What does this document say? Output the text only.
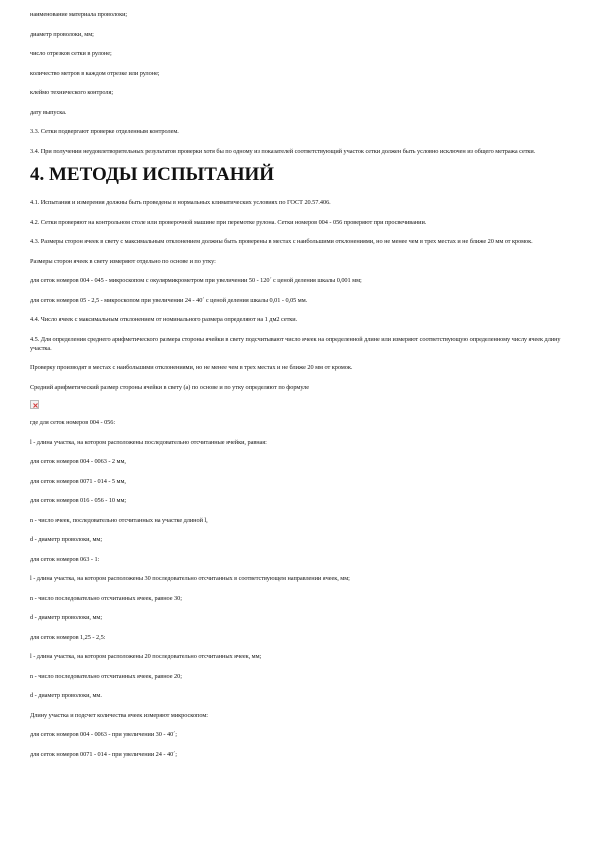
наименование материала проволоки;

диаметр проволоки, мм;

число отрезков сетки в рулоне;

количество метров в каждом отрезке или рулоне;

клеймо технического контроля;

дату выпуска.

3.3. Сетки подвергают проверке отделенным контролем.

3.4. При получении неудовлетворительных результатов проверки хотя бы по одному из показателей соответствующий участок сетки должен быть условно исключен из общего метража сетки.

4. МЕТОДЫ ИСПЫТАНИЙ

4.1. Испытания и измерения должны быть проведены в нормальных климатических условиях по ГОСТ 20.57.406.

4.2. Сетки проверяют на контрольном столе или проверочной машине при перемотке рулона. Сетки номеров 004 - 056 проверяют при просвечивании.

4.3. Размеры сторон ячеек в свету с максимальным отклонением должны быть проверены в местах с наибольшими отклонениями, но не менее чем в трех местах и не ближе 20 мм от кромок.

Размеры сторон ячеек в свету измеряют отдельно по основе и по утку:

для сеток номеров 004 - 045 - микроскопом с окулярмикрометром при увеличении 50 - 120´ с ценой деления шкалы 0,001 мм;

для сеток номеров 05 - 2,5 - микроскопом при увеличении 24 - 40´ с ценой деления шкалы 0,01 - 0,05 мм.

4.4. Число ячеек с максимальным отклонением от номинального размера определяют на 1 дм2 сетки.

4.5. Для определения среднего арифметического размера стороны ячейки в свету подсчитывают число ячеек на определенной длине или измеряют соответствующую определенному числу ячеек длину участка.

Проверку производят в местах с наибольшими отклонениями, но не менее чем в трех местах и не ближе 20 мм от кромок.

Средний арифметический размер стороны ячейки в свету (а) по основе и по утку определяют по формуле

где для сеток номеров 004 - 056:

l - длина участка, на котором расположены последовательно отсчитанные ячейки, равная:

для сеток номеров 004 - 0063 - 2 мм,

для сеток номеров 0071 - 014 - 5 мм,

для сеток номеров 016 - 056 - 10 мм;

n - число ячеек, последовательно отсчитанных на участке длиной l,

d - диаметр проволоки, мм;

для сеток номеров 063 - 1:

l - длина участка, на котором расположены 30 последовательно отсчитанных в соответствующем направлении ячеек, мм;

n - число последовательно отсчитанных ячеек, равное 30;

d - диаметр проволоки, мм;

для сеток номеров 1,25 - 2,5:

l - длина участка, на котором расположены 20 последовательно отсчитанных ячеек, мм;

n - число последовательно отсчитанных ячеек, равное 20;

d - диаметр проволоки, мм.

Длину участка и подсчет количества ячеек измеряют микроскопом:

для сеток номеров 004 - 0063 - при увеличении 30 - 40´;

для сеток номеров 0071 - 014 - при увеличении 24 - 40´;
